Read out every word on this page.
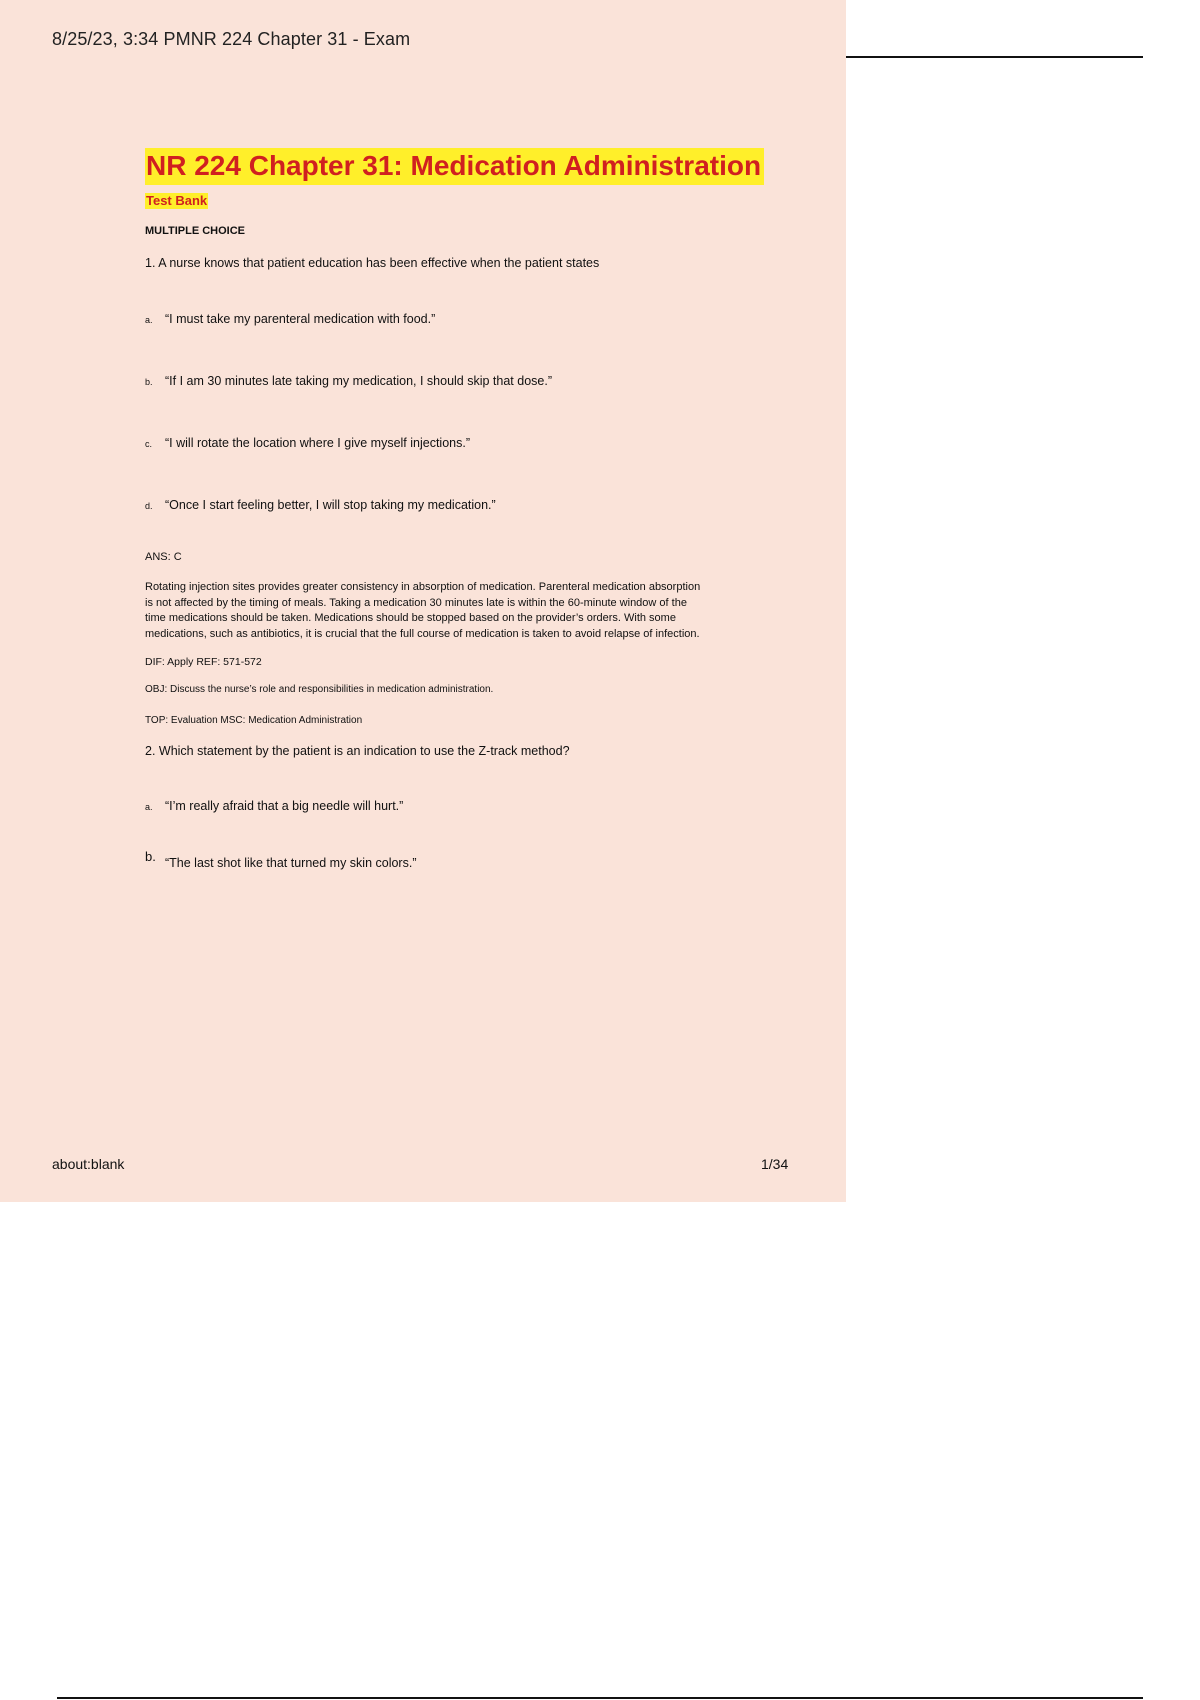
8/25/23, 3:34 PMNR 224 Chapter 31 - Exam
NR 224 Chapter 31: Medication Administration
Test Bank
MULTIPLE CHOICE
1. A nurse knows that patient education has been effective when the patient states
a. “I must take my parenteral medication with food.”
b. “If I am 30 minutes late taking my medication, I should skip that dose.”
c. “I will rotate the location where I give myself injections.”
d. “Once I start feeling better, I will stop taking my medication.”
ANS: C
Rotating injection sites provides greater consistency in absorption of medication. Parenteral medication absorption is not affected by the timing of meals. Taking a medication 30 minutes late is within the 60-minute window of the time medications should be taken. Medications should be stopped based on the provider’s orders. With some medications, such as antibiotics, it is crucial that the full course of medication is taken to avoid relapse of infection.
DIF: Apply REF: 571-572
OBJ: Discuss the nurse’s role and responsibilities in medication administration.
TOP: Evaluation MSC: Medication Administration
2. Which statement by the patient is an indication to use the Z-track method?
a. “I’m really afraid that a big needle will hurt.”
b. “The last shot like that turned my skin colors.”
about:blank	1/34
